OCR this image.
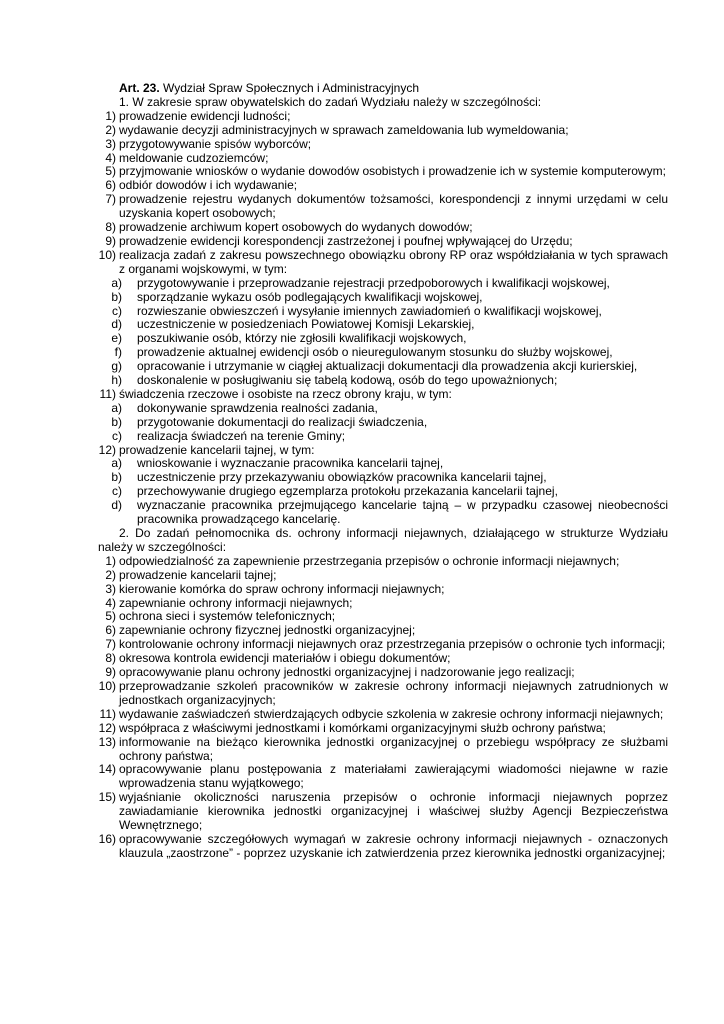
Art. 23. Wydział Spraw Społecznych i Administracyjnych
1. W zakresie spraw obywatelskich do zadań Wydziału należy w szczególności:
1) prowadzenie ewidencji ludności;
2) wydawanie decyzji administracyjnych w sprawach zameldowania lub wymeldowania;
3) przygotowywanie spisów wyborców;
4) meldowanie cudzoziemców;
5) przyjmowanie wniosków o wydanie dowodów osobistych i prowadzenie ich w systemie komputerowym;
6) odbiór dowodów i ich wydawanie;
7) prowadzenie rejestru wydanych dokumentów tożsamości, korespondencji z innymi urzędami w celu uzyskania kopert osobowych;
8) prowadzenie archiwum kopert osobowych do wydanych dowodów;
9) prowadzenie ewidencji korespondencji zastrzeżonej i poufnej wpływającej do Urzędu;
10) realizacja zadań z zakresu powszechnego obowiązku obrony RP oraz współdziałania w tych sprawach z organami wojskowymi, w tym:
a) przygotowywanie i przeprowadzanie rejestracji przedpoborowych i kwalifikacji wojskowej,
b) sporządzanie wykazu osób podlegających kwalifikacji wojskowej,
c) rozwieszanie obwieszczeń i wysyłanie imiennych zawiadomień o kwalifikacji wojskowej,
d) uczestniczenie w posiedzeniach Powiatowej Komisji Lekarskiej,
e) poszukiwanie osób, którzy nie zgłosili kwalifikacji wojskowych,
f) prowadzenie aktualnej ewidencji osób o nieuregulowanym stosunku do służby wojskowej,
g) opracowanie i utrzymanie w ciągłej aktualizacji dokumentacji dla prowadzenia akcji kurierskiej,
h) doskonalenie w posługiwaniu się tabelą kodową, osób do tego upoważnionych;
11) świadczenia rzeczowe i osobiste na rzecz obrony kraju, w tym:
a) dokonywanie sprawdzenia realności zadania,
b) przygotowanie dokumentacji do realizacji świadczenia,
c) realizacja świadczeń na terenie Gminy;
12) prowadzenie kancelarii tajnej, w tym:
a) wnioskowanie i wyznaczanie pracownika kancelarii tajnej,
b) uczestniczenie przy przekazywaniu obowiązków pracownika kancelarii tajnej,
c) przechowywanie drugiego egzemplarza protokołu przekazania kancelarii tajnej,
d) wyznaczanie pracownika przejmującego kancelarie tajną – w przypadku czasowej nieobecności pracownika prowadzącego kancelarię.
2. Do zadań pełnomocnika ds. ochrony informacji niejawnych, działającego w strukturze Wydziału należy w szczególności:
1) odpowiedzialność za zapewnienie przestrzegania przepisów o ochronie informacji niejawnych;
2) prowadzenie kancelarii tajnej;
3) kierowanie komórka do spraw ochrony informacji niejawnych;
4) zapewnianie ochrony informacji niejawnych;
5) ochrona sieci i systemów telefonicznych;
6) zapewnianie ochrony fizycznej jednostki organizacyjnej;
7) kontrolowanie ochrony informacji niejawnych oraz przestrzegania przepisów o ochronie tych informacji;
8) okresowa kontrola ewidencji materiałów i obiegu dokumentów;
9) opracowywanie planu ochrony jednostki organizacyjnej i nadzorowanie jego realizacji;
10) przeprowadzanie szkoleń pracowników w zakresie ochrony informacji niejawnych zatrudnionych w jednostkach organizacyjnych;
11) wydawanie zaświadczeń stwierdzających odbycie szkolenia w zakresie ochrony informacji niejawnych;
12) współpraca z właściwymi jednostkami i komórkami organizacyjnymi służb ochrony państwa;
13) informowanie na bieżąco kierownika jednostki organizacyjnej o przebiegu współpracy ze służbami ochrony państwa;
14) opracowywanie planu postępowania z materiałami zawierającymi wiadomości niejawne w razie wprowadzenia stanu wyjątkowego;
15) wyjaśnianie okoliczności naruszenia przepisów o ochronie informacji niejawnych poprzez zawiadamianie kierownika jednostki organizacyjnej i właściwej służby Agencji Bezpieczeństwa Wewnętrznego;
16) opracowywanie szczegółowych wymagań w zakresie ochrony informacji niejawnych - oznaczonych klauzula „zaostrzone” - poprzez uzyskanie ich zatwierdzenia przez kierownika jednostki organizacyjnej;
